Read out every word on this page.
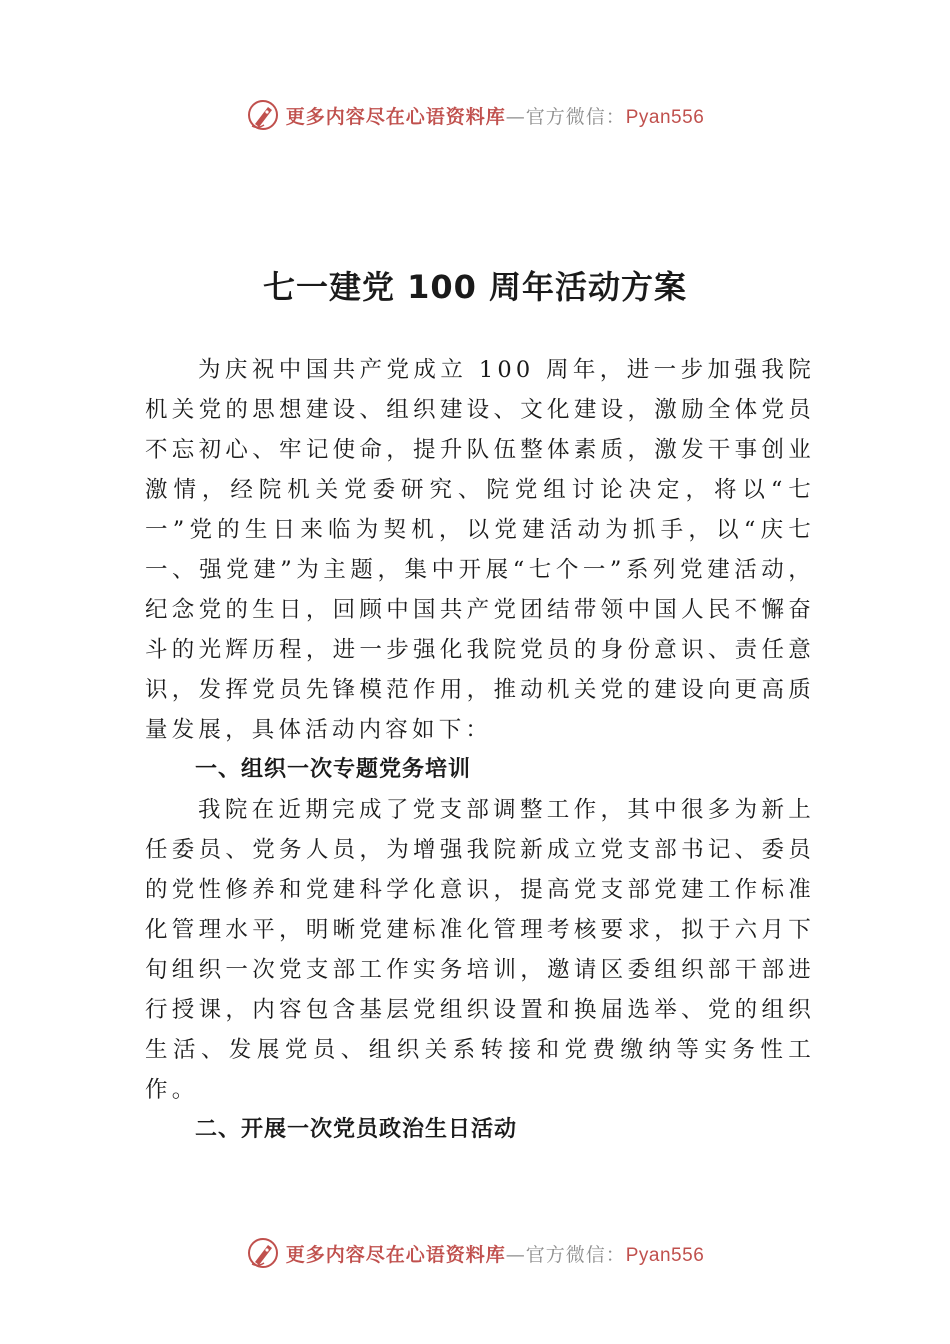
更多内容尽在心语资料库—官方微信：Pyan556
七一建党 100 周年活动方案

为庆祝中国共产党成立 100 周年，进一步加强我院机关党的思想建设、组织建设、文化建设，激励全体党员不忘初心、牢记使命，提升队伍整体素质，激发干事创业激情，经院机关党委研究、院党组讨论决定，将以“七一”党的生日来临为契机，以党建活动为抓手，以“庆七一、强党建”为主题，集中开展“七个一”系列党建活动，纪念党的生日，回顾中国共产党团结带领中国人民不懈奋斗的光辉历程，进一步强化我院党员的身份意识、责任意识，发挥党员先锋模范作用，推动机关党的建设向更高质量发展，具体活动内容如下：

一、组织一次专题党务培训

我院在近期完成了党支部调整工作，其中很多为新上任委员、党务人员，为增强我院新成立党支部书记、委员的党性修养和党建科学化意识，提高党支部党建工作标准化管理水平，明晰党建标准化管理考核要求，拟于六月下旬组织一次党支部工作实务培训，邀请区委组织部干部进行授课，内容包含基层党组织设置和换届选举、党的组织生活、发展党员、组织关系转接和党费缴纳等实务性工作。

二、开展一次党员政治生日活动

更多内容尽在心语资料库—官方微信：Pyan556
